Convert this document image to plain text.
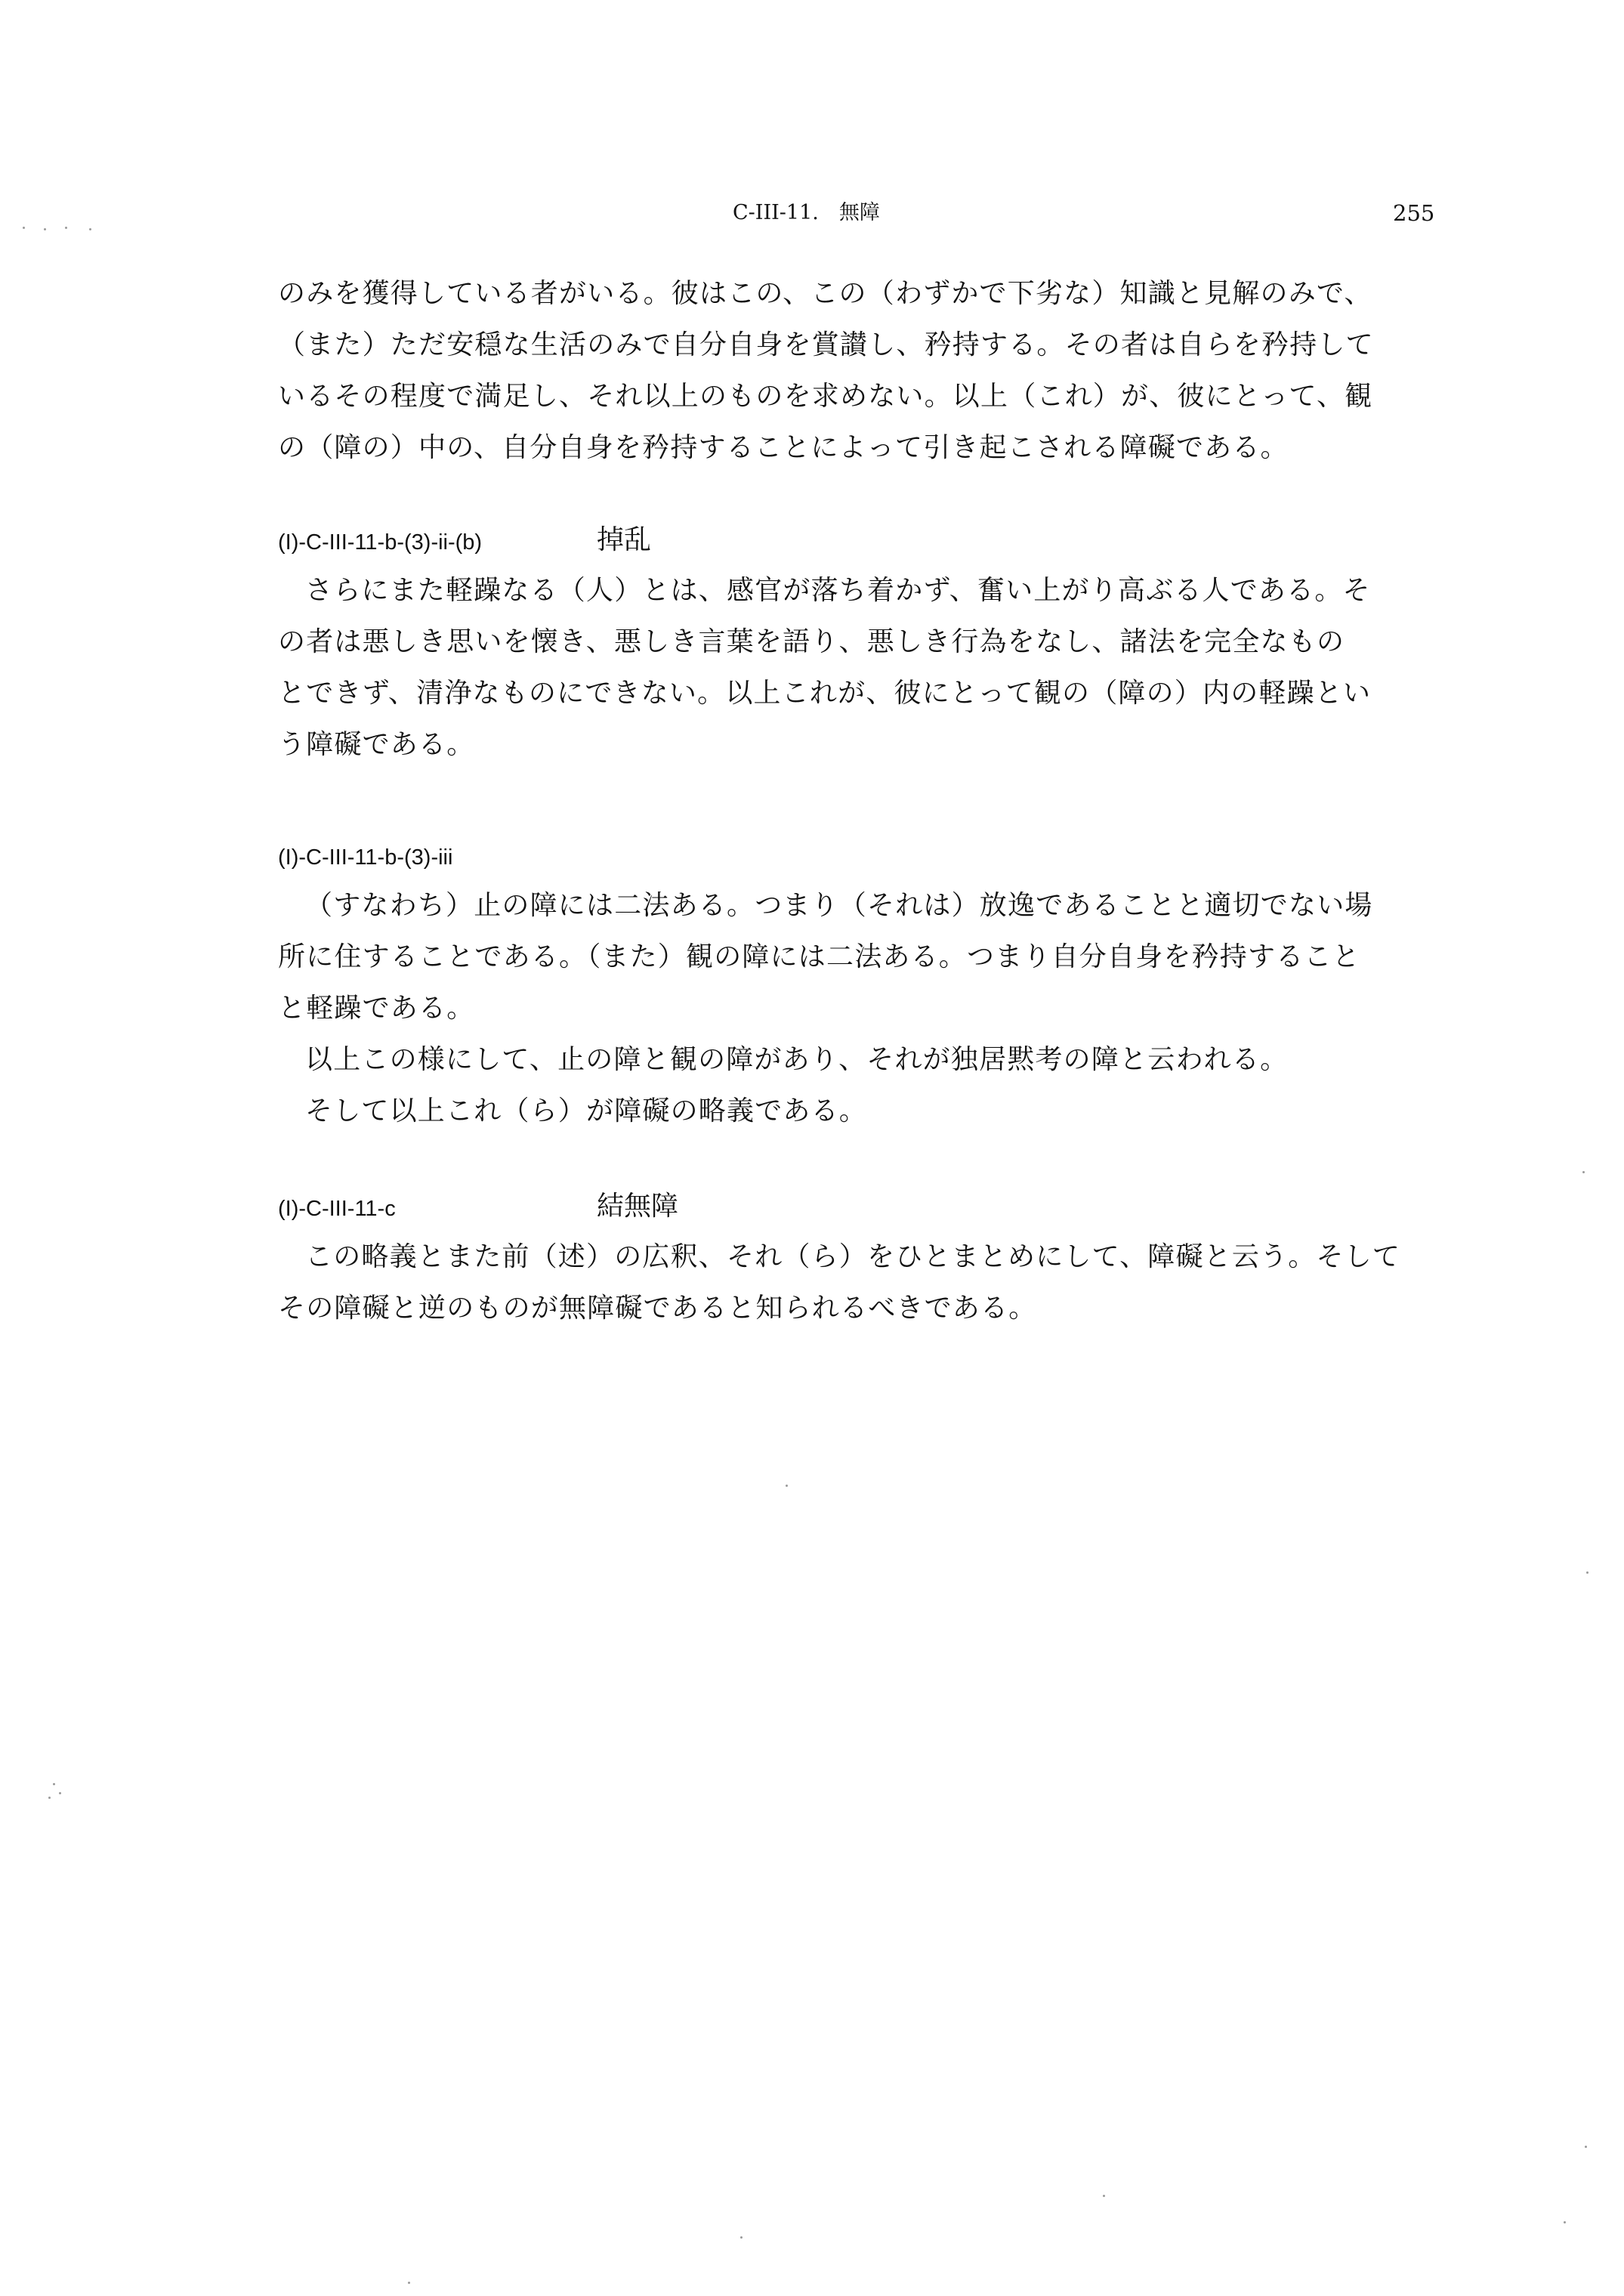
C-III-11.　無障	255

のみを獲得している者がいる。彼はこの、この（わずかで下劣な）知識と見解のみで、

（また）ただ安穏な生活のみで自分自身を賞讃し、矜持する。その者は自らを矜持して

いるその程度で満足し、それ以上のものを求めない。以上（これ）が、彼にとって、観

の（障の）中の、自分自身を矜持することによって引き起こされる障礙である。

(I)-C-III-11-b-(3)-ii-(b)	掉乱

さらにまた軽躁なる（人）とは、感官が落ち着かず、奮い上がり高ぶる人である。そ

の者は悪しき思いを懐き、悪しき言葉を語り、悪しき行為をなし、諸法を完全なもの

とできず、清浄なものにできない。以上これが、彼にとって観の（障の）内の軽躁とい

う障礙である。

(I)-C-III-11-b-(3)-iii

（すなわち）止の障には二法ある。つまり（それは）放逸であることと適切でない場

所に住することである。（また）観の障には二法ある。つまり自分自身を矜持すること

と軽躁である。

以上この様にして、止の障と観の障があり、それが独居黙考の障と云われる。

そして以上これ（ら）が障礙の略義である。

(I)-C-III-11-c	結無障

この略義とまた前（述）の広釈、それ（ら）をひとまとめにして、障礙と云う。そして

その障礙と逆のものが無障礙であると知られるべきである。
